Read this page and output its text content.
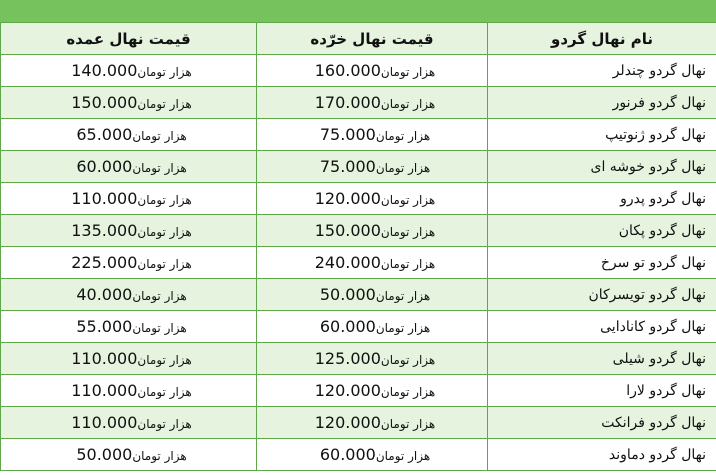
نام نهال گردو	قیمت نهال خرّده	قیمت نهال عمده
نهال گردو چندلر	هزار تومان160.000	هزار تومان140.000
نهال گردو فرنور	هزار تومان170.000	هزار تومان150.000
نهال گردو ژنوتیپ	هزار تومان75.000	هزار تومان65.000
نهال گردو خوشه ای	هزار تومان75.000	هزار تومان60.000
نهال گردو پدرو	هزار تومان120.000	هزار تومان110.000
نهال گردو پکان	هزار تومان150.000	هزار تومان135.000
نهال گردو تو سرخ	هزار تومان240.000	هزار تومان225.000
نهال گردو تویسرکان	هزار تومان50.000	هزار تومان40.000
نهال گردو کانادایی	هزار تومان60.000	هزار تومان55.000
نهال گردو شیلی	هزار تومان125.000	هزار تومان110.000
نهال گردو لارا	هزار تومان120.000	هزار تومان110.000
نهال گردو فرانکت	هزار تومان120.000	هزار تومان110.000
نهال گردو دماوند	هزار تومان60.000	هزار تومان50.000
